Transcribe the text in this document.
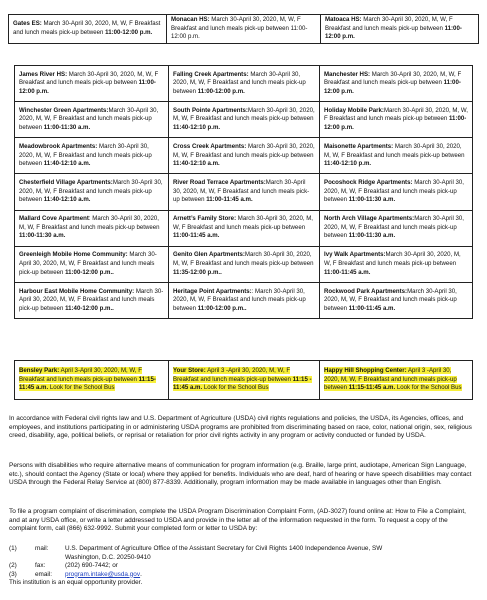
Gates ES: March 30-April 30, 2020, M, W, F Breakfast and lunch meals pick-up between 11:00-12:00 p.m.	Monacan HS: March 30-April 30, 2020, M, W, F Breakfast and lunch meals pick-up between 11:00-12:00 p.m.	Matoaca HS: March 30-April 30, 2020, M, W, F Breakfast and lunch meals pick-up between 11:00-12:00 p.m.
James River HS: March 30-April 30, 2020, M, W, F Breakfast and lunch meals pick-up between 11:00-12:00 p.m.	Falling Creek Apartments: March 30-April 30, 2020, M, W, F Breakfast and lunch meals pick-up between 11:00-12:00 p.m.	Manchester HS: March 30-April 30, 2020, M, W, F Breakfast and lunch meals pick-up between 11:00-12:00 p.m.
Winchester Green Apartments:March 30-April 30, 2020, M, W, F Breakfast and lunch meals pick-up between 11:00-11:30 a.m.	South Pointe Apartments:March 30-April 30, 2020, M, W, F Breakfast and lunch meals pick-up between 11:40-12:10 p.m.	Holiday Mobile Park:March 30-April 30, 2020, M, W, F Breakfast and lunch meals pick-up between 11:00-12:00 p.m.
Meadowbrook Apartments: March 30-April 30, 2020, M, W, F Breakfast and lunch meals pick-up between 11:40-12:10 a.m.	Cross Creek Apartments: March 30-April 30, 2020, M, W, F Breakfast and lunch meals pick-up between 11:40-12:10 a.m.	Maisonette Apartments: March 30-April 30, 2020, M, W, F Breakfast and lunch meals pick-up between 11:40-12:10 p.m.
Chesterfield Village Apartments:March 30-April 30, 2020, M, W, F Breakfast and lunch meals pick-up between 11:40-12:10 a.m.	River Road Terrace Apartments:March 30-April 30, 2020, M, W, F Breakfast and lunch meals pick-up between 11:00-11:45 a.m.	Pocoshock Ridge Apartments: March 30-April 30, 2020, M, W, F Breakfast and lunch meals pick-up between 11:00-11:30 a.m.
Mallard Cove Apartment: March 30-April 30, 2020, M, W, F Breakfast and lunch meals pick-up between 11:00-11:30 a.m.	Arnett’s Family Store: March 30-April 30, 2020, M, W, F Breakfast and lunch meals pick-up between 11:00-11:45 a.m.	North Arch Village Apartments:March 30-April 30, 2020, M, W, F Breakfast and lunch meals pick-up between 11:00-11:30 a.m.
Greenleigh Mobile Home Community: March 30-April 30, 2020, M, W, F Breakfast and lunch meals pick-up between 11:00-12:00 p.m..	Genito Glen Apartments:March 30-April 30, 2020, M, W, F Breakfast and lunch meals pick-up between 11:35-12:00 p.m..	Ivy Walk Apartments:March 30-April 30, 2020, M, W, F Breakfast and lunch meals pick-up between 11:00-11:45 a.m.
Harbour East Mobile Home Community: March 30-April 30, 2020, M, W, F Breakfast and lunch meals pick-up between 11:40-12:00 p.m..	Heritage Point Apartments:: March 30-April 30, 2020, M, W, F Breakfast and lunch meals pick-up between 11:00-12:00 p.m..	Rockwood Park Apartments:March 30-April 30, 2020, M, W, F Breakfast and lunch meals pick-up between 11:00-11:45 a.m.
Bensley Park: April 3-April 30, 2020, M, W, F Breakfast and lunch meals pick-up between 11:15-11:45 a.m. Look for the School Bus	Your Store: April 3 -April 30, 2020, M, W, F Breakfast and lunch meals pick-up between 11:15 - 11:45 a.m. Look for the School Bus	Happy Hill Shopping Center: April 3 -April 30, 2020, M, W, F Breakfast and lunch meals pick-up between 11:15-11:45 a.m. Look for the School Bus
In accordance with Federal civil rights law and U.S. Department of Agriculture (USDA) civil rights regulations and policies, the USDA, its Agencies, offices, and employees, and institutions participating in or administering USDA programs are prohibited from discriminating based on race, color, national origin, sex, religious creed, disability, age, political beliefs, or reprisal or retaliation for prior civil rights activity in any program or activity conducted or funded by USDA.
Persons with disabilities who require alternative means of communication for program information (e.g. Braille, large print, audiotape, American Sign Language, etc.), should contact the Agency (State or local) where they applied for benefits. Individuals who are deaf, hard of hearing or have speech disabilities may contact USDA through the Federal Relay Service at (800) 877-8339. Additionally, program information may be made available in languages other than English.
To file a program complaint of discrimination, complete the USDA Program Discrimination Complaint Form, (AD-3027) found online at: How to File a Complaint, and at any USDA office, or write a letter addressed to USDA and provide in the letter all of the information requested in the form. To request a copy of the complaint form, call (866) 632-9992. Submit your completed form or letter to USDA by:
(1)	mail:	U.S. Department of Agriculture Office of the Assistant Secretary for Civil Rights 1400 Independence Avenue, SW
Washington, D.C. 20250-9410
(2)	fax:	(202) 690-7442; or
(3)	email:	program.intake@usda.gov .
This institution is an equal opportunity provider.
